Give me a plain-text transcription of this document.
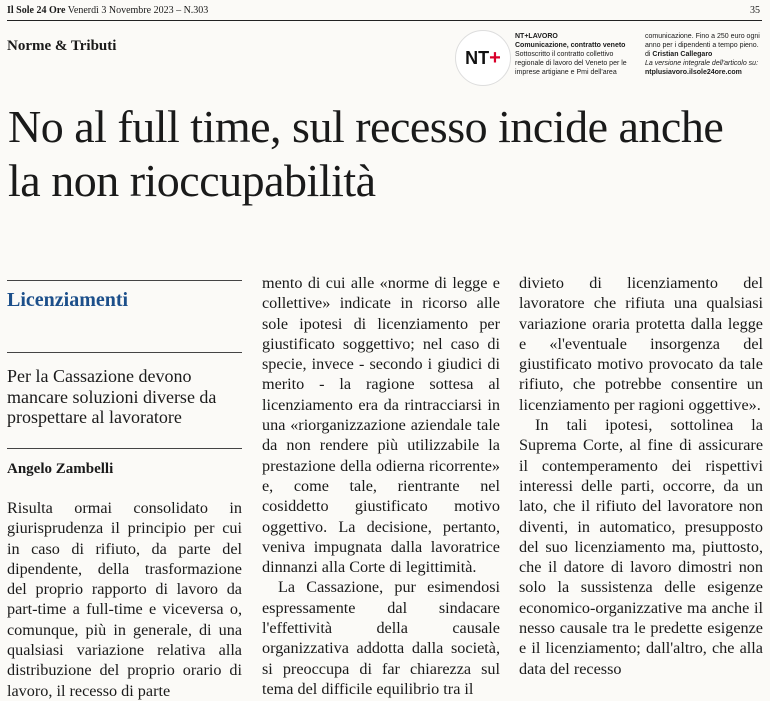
Il Sole 24 Ore Venerdì 3 Novembre 2023 – N.303	35
Norme & Tributi
NT +
NT+LAVORO
Comunicazione, contratto veneto
Sottoscritto il contratto collettivo regionale di lavoro del Veneto per le imprese artigiane e Pmi dell'area
comunicazione. Fino a 250 euro ogni anno per i dipendenti a tempo pieno.
di Cristian Callegaro
La versione integrale dell'articolo su:
ntplusiavoro.ilsole24ore.com
No al full time, sul recesso incide anche la non rioccupabilità
Licenziamenti
Per la Cassazione devono mancare soluzioni diverse da prospettare al lavoratore
Angelo Zambelli

Risulta ormai consolidato in giurisprudenza il principio per cui in caso di rifiuto, da parte del dipendente, della trasformazione del proprio rapporto di lavoro da part-time a full-time e viceversa o, comunque, più in generale, di una qualsiasi variazione relativa alla distribuzione del proprio orario di lavoro, il recesso di parte

mento di cui alle «norme di legge e collettive» indicate in ricorso alle sole ipotesi di licenziamento per giustificato soggettivo; nel caso di specie, invece - secondo i giudici di merito - la ragione sottesa al licenziamento era da rintracciarsi in una «riorganizzazione aziendale tale da non rendere più utilizzabile la prestazione della odierna ricorrente» e, come tale, rientrante nel cosiddetto giustificato motivo oggettivo. La decisione, pertanto, veniva impugnata dalla lavoratrice dinnanzi alla Corte di legittimità.

La Cassazione, pur esimendosi espressamente dal sindacare l'effettività della causale organizzativa addotta dalla società, si preoccupa di far chiarezza sul tema del difficile equilibrio tra il

divieto di licenziamento del lavoratore che rifiuta una qualsiasi variazione oraria protetta dalla legge e «l'eventuale insorgenza del giustificato motivo provocato da tale rifiuto, che potrebbe consentire un licenziamento per ragioni oggettive».

In tali ipotesi, sottolinea la Suprema Corte, al fine di assicurare il contemperamento dei rispettivi interessi delle parti, occorre, da un lato, che il rifiuto del lavoratore non diventi, in automatico, presupposto del suo licenziamento ma, piuttosto, che il datore di lavoro dimostri non solo la sussistenza delle esigenze economico-organizzative ma anche il nesso causale tra le predette esigenze e il licenziamento; dall'altro, che alla data del recesso
